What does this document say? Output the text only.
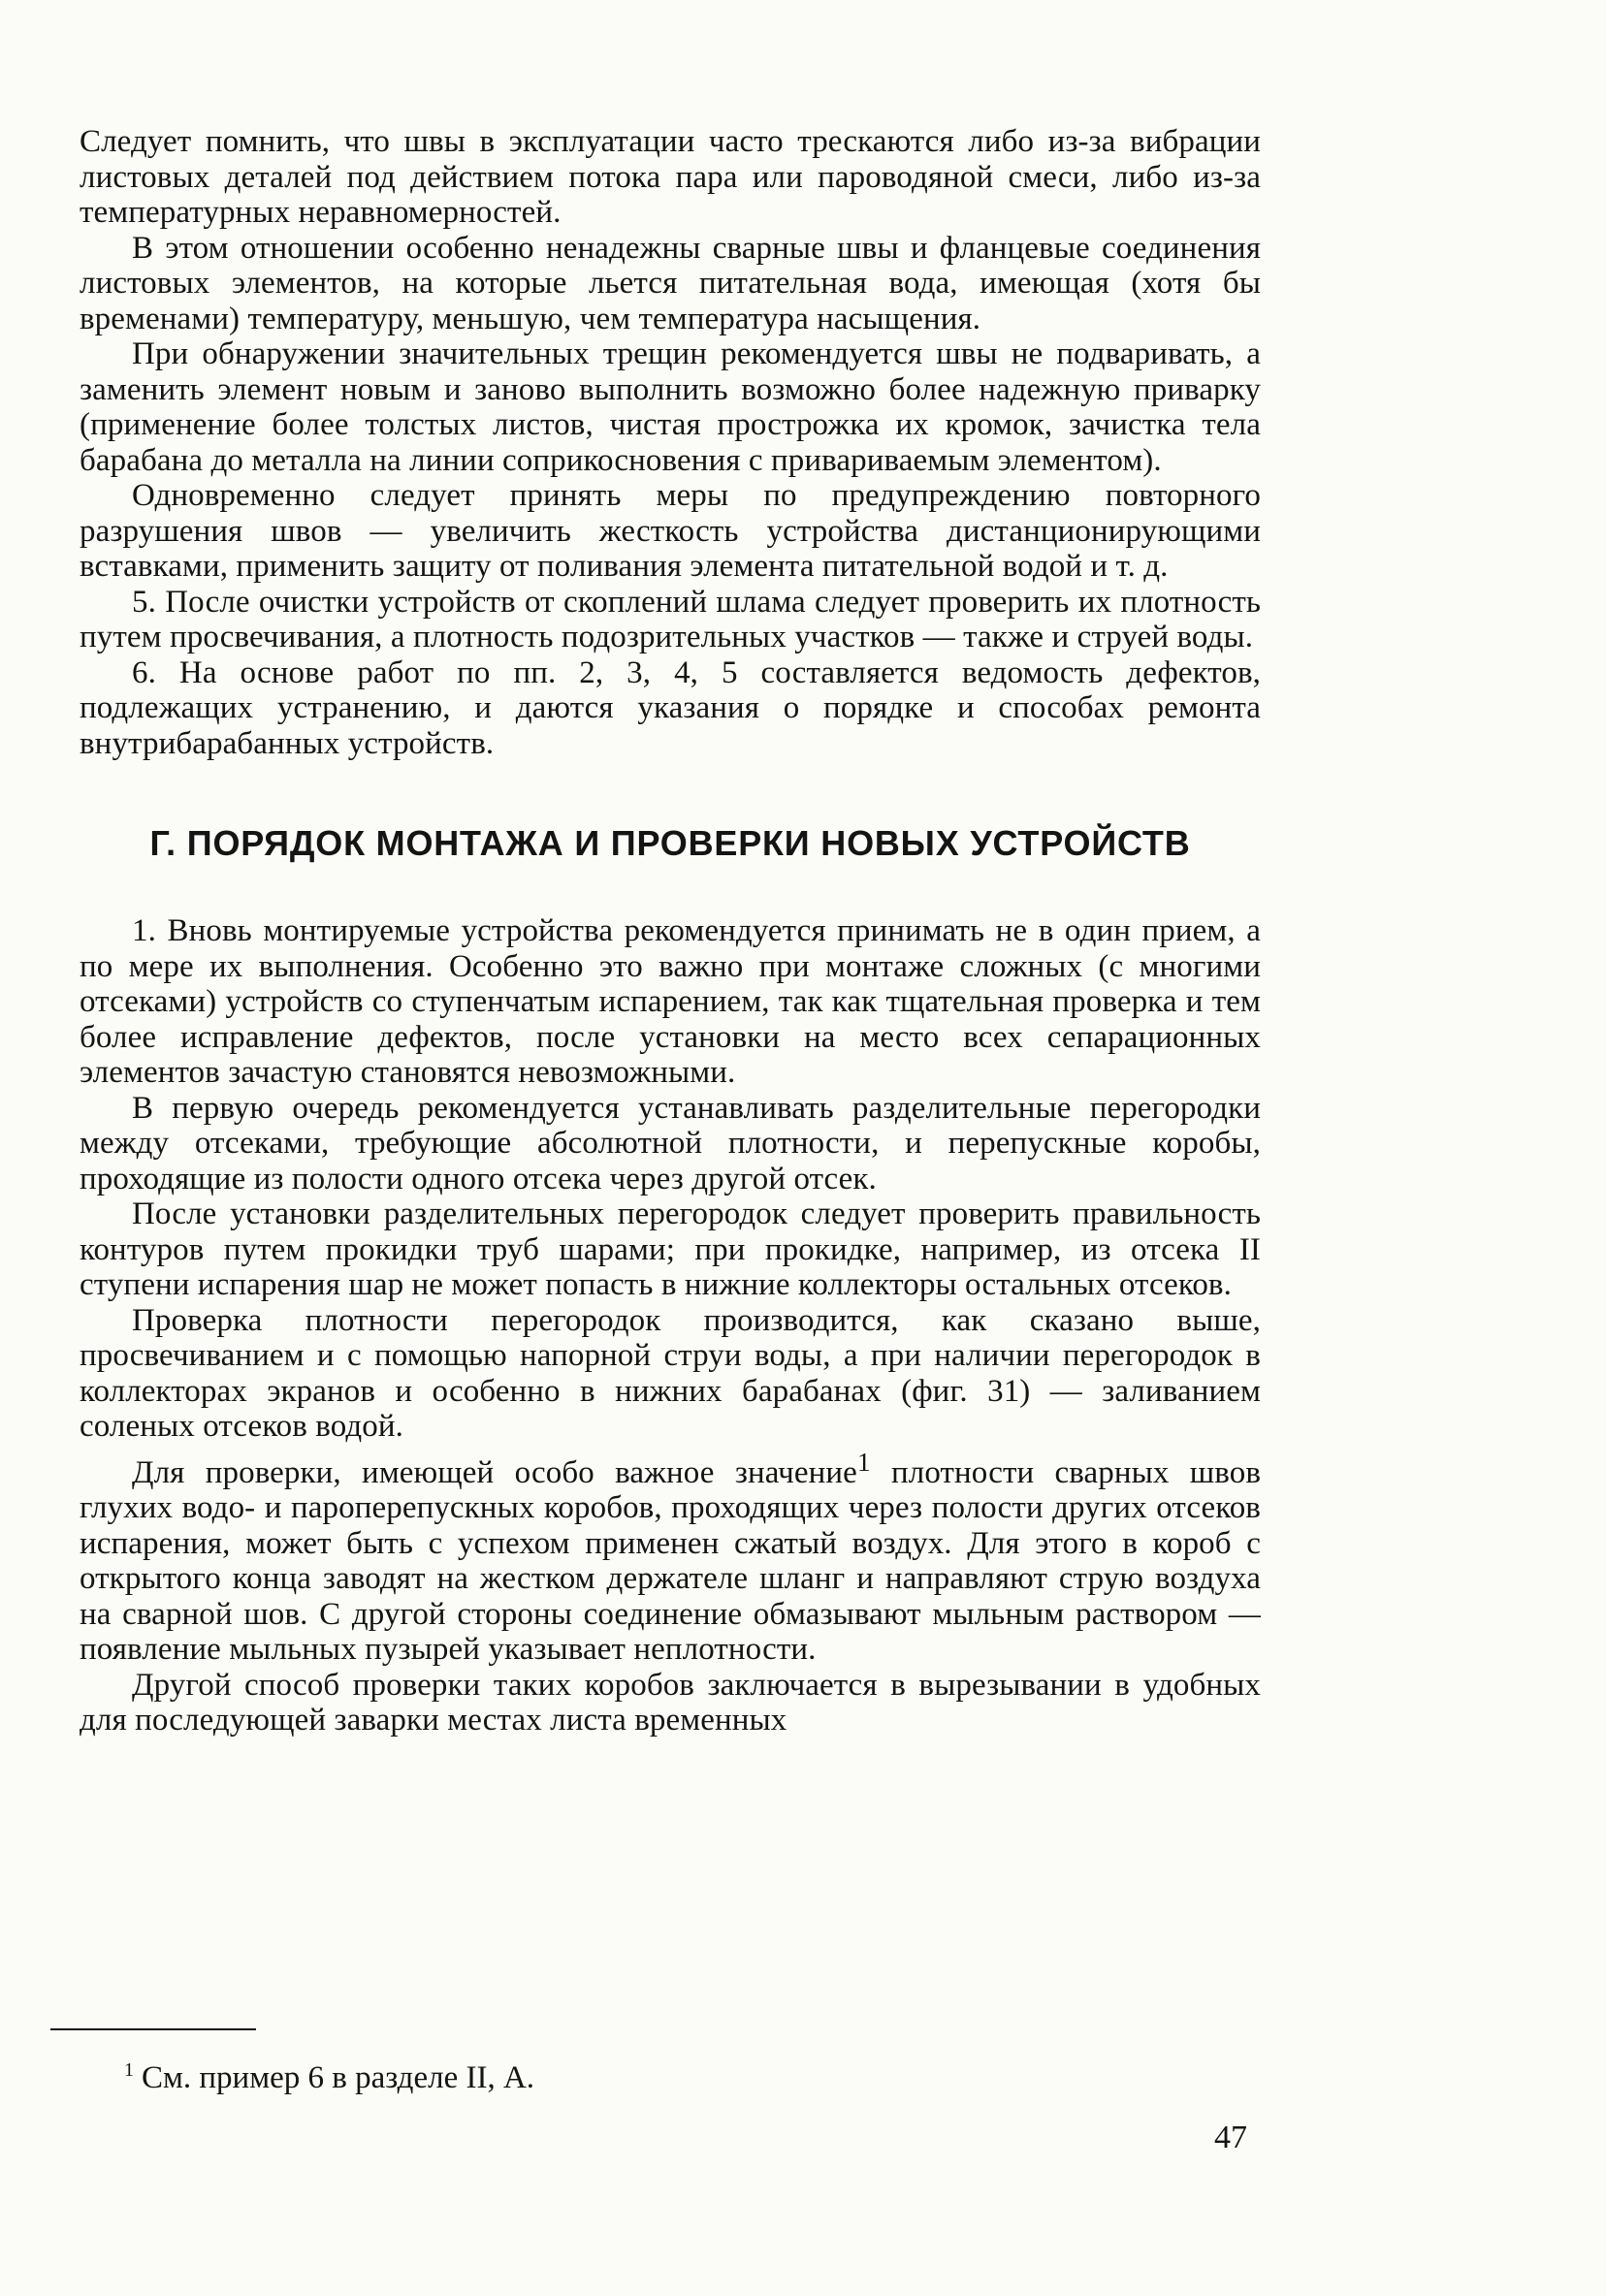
Следует помнить, что швы в эксплуатации часто трескаются либо из-за вибрации листовых деталей под действием потока пара или пароводяной смеси, либо из-за температурных неравномерностей.

В этом отношении особенно ненадежны сварные швы и фланцевые соединения листовых элементов, на которые льется питательная вода, имеющая (хотя бы временами) температуру, меньшую, чем температура насыщения.

При обнаружении значительных трещин рекомендуется швы не подваривать, а заменить элемент новым и заново выполнить возможно более надежную приварку (применение более толстых листов, чистая прострожка их кромок, зачистка тела барабана до металла на линии соприкосновения с привариваемым элементом).

Одновременно следует принять меры по предупреждению повторного разрушения швов — увеличить жесткость устройства дистанционирующими вставками, применить защиту от поливания элемента питательной водой и т. д.

5. После очистки устройств от скоплений шлама следует проверить их плотность путем просвечивания, а плотность подозрительных участков — также и струей воды.

6. На основе работ по пп. 2, 3, 4, 5 составляется ведомость дефектов, подлежащих устранению, и даются указания о порядке и способах ремонта внутрибарабанных устройств.

Г. ПОРЯДОК МОНТАЖА И ПРОВЕРКИ НОВЫХ УСТРОЙСТВ

1. Вновь монтируемые устройства рекомендуется принимать не в один прием, а по мере их выполнения. Особенно это важно при монтаже сложных (с многими отсеками) устройств со ступенчатым испарением, так как тщательная проверка и тем более исправление дефектов, после установки на место всех сепарационных элементов зачастую становятся невозможными.

В первую очередь рекомендуется устанавливать разделительные перегородки между отсеками, требующие абсолютной плотности, и перепускные коробы, проходящие из полости одного отсека через другой отсек.

После установки разделительных перегородок следует проверить правильность контуров путем прокидки труб шарами; при прокидке, например, из отсека II ступени испарения шар не может попасть в нижние коллекторы остальных отсеков.

Проверка плотности перегородок производится, как сказано выше, просвечиванием и с помощью напорной струи воды, а при наличии перегородок в коллекторах экранов и особенно в нижних барабанах (фиг. 31) — заливанием соленых отсеков водой.

Для проверки, имеющей особо важное значение$^1$ плотности сварных швов глухих водо- и пароперепускных коробов, проходящих через полости других отсеков испарения, может быть с успехом применен сжатый воздух. Для этого в короб с открытого конца заводят на жестком держателе шланг и направляют струю воздуха на сварной шов. С другой стороны соединение обмазывают мыльным раствором — появление мыльных пузырей указывает неплотности.

Другой способ проверки таких коробов заключается в вырезывании в удобных для последующей заварки местах листа временных

$^1$ См. пример 6 в разделе II, А.
47
